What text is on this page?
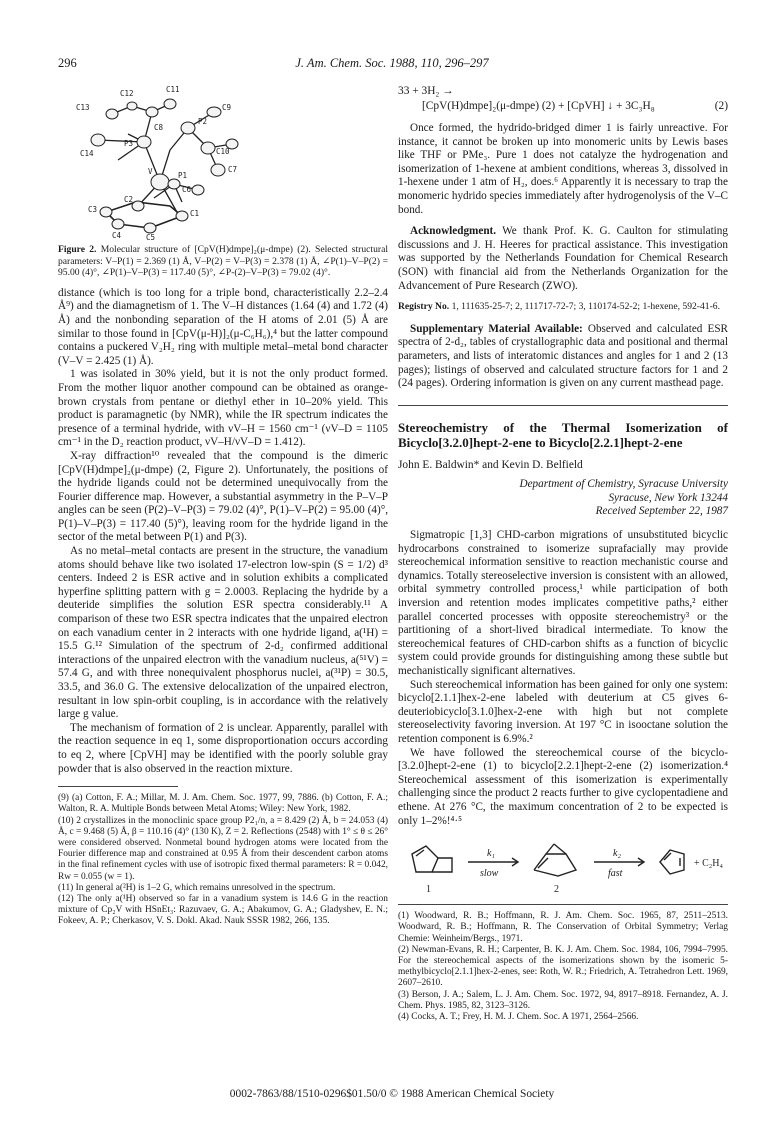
296	J. Am. Chem. Soc. 1988, 110, 296–297
C12	C11
C13	C9
C8
P2
P3
C10
C14
V	C7
P1
C2
C6
C3	C1
C4	C5
Figure 2. Molecular structure of [CpV(H)dmpe]₂(μ-dmpe) (2). Selected structural parameters: V–P(1) = 2.369 (1) Å, V–P(2) = V–P(3) = 2.378 (1) Å, ∠P(1)–V–P(2) = 95.00 (4)°, ∠P(1)–V–P(3) = 117.40 (5)°, ∠P-(2)–V–P(3) = 79.02 (4)°.

distance (which is too long for a triple bond, characteristically 2.2–2.4 Å⁹) and the diamagnetism of 1. The V–H distances (1.64 (4) and 1.72 (4) Å) and the nonbonding separation of the H atoms of 2.01 (5) Å are similar to those found in [CpV(μ-H)]₂(μ-C₆H₆),⁴ but the latter compound contains a puckered V₂H₂ ring with multiple metal–metal bond character (V–V = 2.425 (1) Å).

1 was isolated in 30% yield, but it is not the only product formed. From the mother liquor another compound can be obtained as orange-brown crystals from pentane or diethyl ether in 10–20% yield. This product is paramagnetic (by NMR), while the IR spectrum indicates the presence of a terminal hydride, with νV–H = 1560 cm⁻¹ (νV–D = 1105 cm⁻¹ in the D₂ reaction product, νV–H/νV–D = 1.412).

X-ray diffraction¹⁰ revealed that the compound is the dimeric [CpV(H)dmpe]₂(μ-dmpe) (2, Figure 2). Unfortunately, the positions of the hydride ligands could not be determined unequivocally from the Fourier difference map. However, a substantial asymmetry in the P–V–P angles can be seen (P(2)–V–P(3) = 79.02 (4)°, P(1)–V–P(2) = 95.00 (4)°, P(1)–V–P(3) = 117.40 (5)°), leaving room for the hydride ligand in the sector of the metal between P(1) and P(3).

As no metal–metal contacts are present in the structure, the vanadium atoms should behave like two isolated 17-electron low-spin (S = 1/2) d³ centers. Indeed 2 is ESR active and in solution exhibits a complicated hyperfine splitting pattern with g = 2.0003. Replacing the hydride by a deuteride simplifies the solution ESR spectra considerably.¹¹ A comparison of these two ESR spectra indicates that the unpaired electron on each vanadium center in 2 interacts with one hydride ligand, a(¹H) = 15.5 G.¹² Simulation of the spectrum of 2-d₂ confirmed additional interactions of the unpaired electron with the vanadium nucleus, a(⁵¹V) = 57.4 G, and with three nonequivalent phosphorus nuclei, a(³¹P) = 30.5, 33.5, and 36.0 G. The extensive delocalization of the unpaired electron, resultant in low spin-orbit coupling, is in accordance with the relatively large g value.

The mechanism of formation of 2 is unclear. Apparently, parallel with the reaction sequence in eq 1, some disproportionation occurs according to eq 2, where [CpVH] may be identified with the poorly soluble gray powder that is also observed in the reaction mixture.

(9) (a) Cotton, F. A.; Millar, M. J. Am. Chem. Soc. 1977, 99, 7886. (b) Cotton, F. A.; Walton, R. A. Multiple Bonds between Metal Atoms; Wiley: New York, 1982.

(10) 2 crystallizes in the monoclinic space group P2₁/n, a = 8.429 (2) Å, b = 24.053 (4) Å, c = 9.468 (5) Å, β = 110.16 (4)° (130 K), Z = 2. Reflections (2548) with 1° ≤ θ ≤ 26° were considered observed. Nonmetal bound hydrogen atoms were located from the Fourier difference map and constrained at 0.95 Å from their descendent carbon atoms in the final refinement cycles with use of isotropic fixed thermal parameters: R = 0.042, Rw = 0.055 (w = 1).

(11) In general a(²H) is 1–2 G, which remains unresolved in the spectrum.

(12) The only a(¹H) observed so far in a vanadium system is 14.6 G in the reaction mixture of Cp₂V with HSnEt₃: Razuvaev, G. A.; Abakumov, G. A.; Gladyshev, E. N.; Fokeev, A. P.; Cherkasov, V. S. Dokl. Akad. Nauk SSSR 1982, 266, 135.

33 + 3H₂ →
[CpV(H)dmpe]₂(μ-dmpe) (2) + [CpVH] ↓ + 3C₃H₈	(2)

Once formed, the hydrido-bridged dimer 1 is fairly unreactive. For instance, it cannot be broken up into monomeric units by Lewis bases like THF or PMe₃. Pure 1 does not catalyze the hydrogenation and isomerization of 1-hexene at ambient conditions, whereas 3, dissolved in 1-hexene under 1 atm of H₂, does.⁶ Apparently it is necessary to trap the monomeric hydrido species immediately after hydrogenolysis of the V–C bond.

Acknowledgment. We thank Prof. K. G. Caulton for stimulating discussions and J. H. Heeres for practical assistance. This investigation was supported by the Netherlands Foundation for Chemical Research (SON) with financial aid from the Netherlands Organization for the Advancement of Pure Research (ZWO).

Registry No. 1, 111635-25-7; 2, 111717-72-7; 3, 110174-52-2; 1-hexene, 592-41-6.

Supplementary Material Available: Observed and calculated ESR spectra of 2-d₂, tables of crystallographic data and positional and thermal parameters, and lists of interatomic distances and angles for 1 and 2 (13 pages); listings of observed and calculated structure factors for 1 and 2 (24 pages). Ordering information is given on any current masthead page.

Stereochemistry of the Thermal Isomerization of Bicyclo[3.2.0]hept-2-ene to Bicyclo[2.2.1]hept-2-ene

John E. Baldwin* and Kevin D. Belfield

Department of Chemistry, Syracuse University

Syracuse, New York 13244

Received September 22, 1987

Sigmatropic [1,3] CHD-carbon migrations of unsubstituted bicyclic hydrocarbons constrained to isomerize suprafacially may provide stereochemical information sensitive to reaction mechanistic course and dynamics. Totally stereoselective inversion is consistent with an allowed, orbital symmetry controlled process,¹ while participation of both inversion and retention modes implicates competitive paths,² either parallel concerted processes with opposite stereochemistry³ or the partitioning of a short-lived biradical intermediate. To know the stereochemical features of CHD-carbon shifts as a function of bicyclic system could provide grounds for distinguishing among these subtle but mechanistically significant alternatives.

Such stereochemical information has been gained for only one system: bicyclo[2.1.1]hex-2-ene labeled with deuterium at C5 gives 6-deuteriobicyclo[3.1.0]hex-2-ene with high but not complete stereoselectivity favoring inversion. At 197 °C in isooctane solution the retention component is 6.9%.²

We have followed the stereochemical course of the bicyclo-[3.2.0]hept-2-ene (1) to bicyclo[2.2.1]hept-2-ene (2) isomerization.⁴ Stereochemical assessment of this isomerization is experimentally challenging since the product 2 reacts further to give cyclopentadiene and ethene. At 276 °C, the maximum concentration of 2 to be expected is only 1–2%!⁴·⁵

k₁
slow
k₂
fast
1	2
+ C₂H₄

(1) Woodward, R. B.; Hoffmann, R. J. Am. Chem. Soc. 1965, 87, 2511–2513. Woodward, R. B.; Hoffmann, R. The Conservation of Orbital Symmetry; Verlag Chemie: Weinheim/Bergs., 1971.

(2) Newman-Evans, R. H.; Carpenter, B. K. J. Am. Chem. Soc. 1984, 106, 7994–7995. For the stereochemical aspects of the isomerizations shown by the isomeric 5-methylbicyclo[2.1.1]hex-2-enes, see: Roth, W. R.; Friedrich, A. Tetrahedron Lett. 1969, 2607–2610.

(3) Berson, J. A.; Salem, L. J. Am. Chem. Soc. 1972, 94, 8917–8918. Fernandez, A. J. Chem. Phys. 1985, 82, 3123–3126.

(4) Cocks, A. T.; Frey, H. M. J. Chem. Soc. A 1971, 2564–2566.

0002-7863/88/1510-0296$01.50/0 © 1988 American Chemical Society
